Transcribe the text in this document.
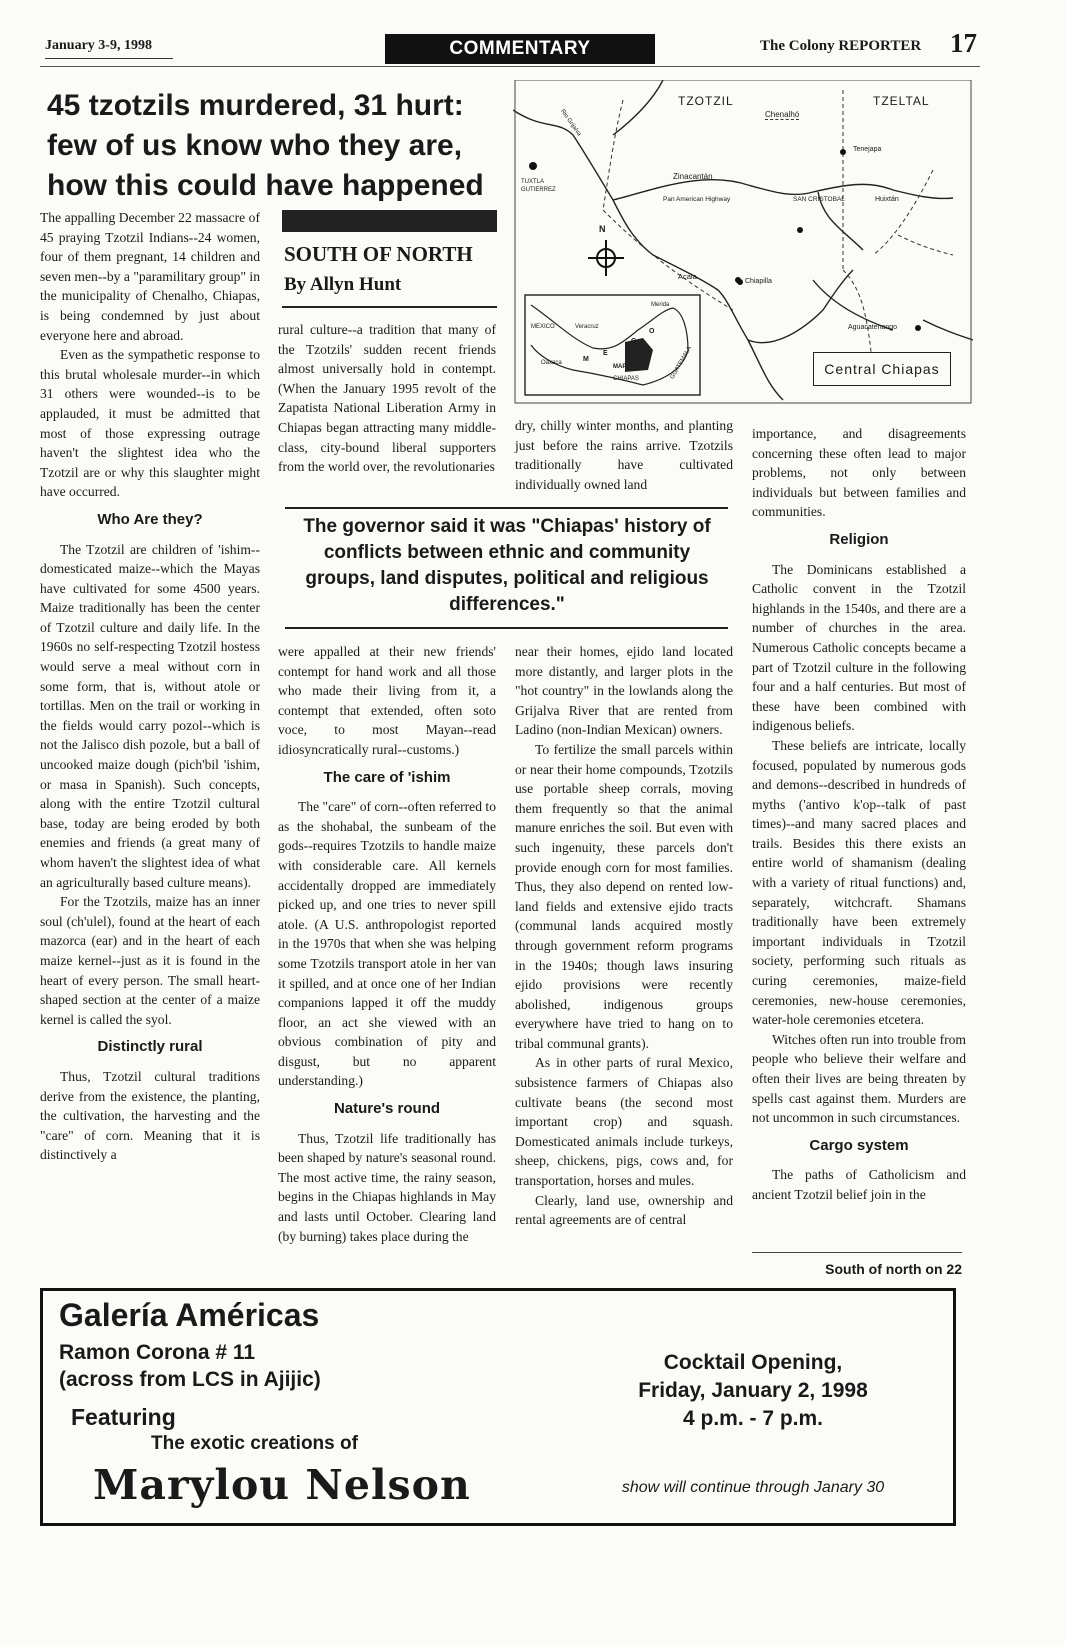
January 3-9, 1998	COMMENTARY	The Colony REPORTER 17
45 tzotzils murdered, 31 hurt:
few of us know who they are,
how this could have happened
SOUTH OF NORTH
By Allyn Hunt
TZOTZIL	TZELTAL
Chenalhó
Tenejapa
TUXTLA GUTIERREZ
Zinacantán
Pan American Highway	SAN CRISTOBAL	Huixtán
Acala
Chiapilla
Aguacatenango
N
Rio Grijalva
Central Chiapas
MEXICO	Veracruz
Oaxaca
Merida
CHIAPAS	GUATEMALA
MAP
M
E
C
O

The appalling December 22 massacre of 45 praying Tzotzil Indians--24 women, four of them pregnant, 14 children and seven men--by a "paramilitary group" in the municipality of Chenalho, Chiapas, is being condemned by just about everyone here and abroad.

Even as the sympathetic response to this brutal wholesale murder--in which 31 others were wounded--is to be applauded, it must be admitted that most of those expressing outrage haven't the slightest idea who the Tzotzil are or why this slaughter might have occurred.

Who Are they?

The Tzotzil are children of 'ishim--domesticated maize--which the Mayas have cultivated for some 4500 years. Maize traditionally has been the center of Tzotzil culture and daily life. In the 1960s no self-respecting Tzotzil hostess would serve a meal without corn in some form, that is, without atole or tortillas. Men on the trail or working in the fields would carry pozol--which is not the Jalisco dish pozole, but a ball of uncooked maize dough (pich'bil 'ishim, or masa in Spanish). Such concepts, along with the entire Tzotzil cultural base, today are being eroded by both enemies and friends (a great many of whom haven't the slightest idea of what an agriculturally based culture means).

For the Tzotzils, maize has an inner soul (ch'ulel), found at the heart of each mazorca (ear) and in the heart of each maize kernel--just as it is found in the heart of every person. The small heart-shaped section at the center of a maize kernel is called the syol.

Distinctly rural

Thus, Tzotzil cultural traditions derive from the existence, the planting, the cultivation, the harvesting and the "care" of corn. Meaning that it is distinctively a

rural culture--a tradition that many of the Tzotzils' sudden recent friends almost universally hold in contempt. (When the January 1995 revolt of the Zapatista National Liberation Army in Chiapas began attracting many middle-class, city-bound liberal supporters from the world over, the revolutionaries

dry, chilly winter months, and planting just before the rains arrive. Tzotzils traditionally have cultivated individually owned land

The governor said it was "Chiapas' history of conflicts between ethnic and community groups, land disputes, political and religious differences."

were appalled at their new friends' contempt for hand work and all those who made their living from it, a contempt that extended, often soto voce, to most Mayan--read idiosyncratically rural--customs.)

The care of 'ishim

The "care" of corn--often referred to as the shohabal, the sunbeam of the gods--requires Tzotzils to handle maize with considerable care. All kernels accidentally dropped are immediately picked up, and one tries to never spill atole. (A U.S. anthropologist reported in the 1970s that when she was helping some Tzotzils transport atole in her van it spilled, and at once one of her Indian companions lapped it off the muddy floor, an act she viewed with an obvious combination of pity and disgust, but no apparent understanding.)

Nature's round

Thus, Tzotzil life traditionally has been shaped by nature's seasonal round. The most active time, the rainy season, begins in the Chiapas highlands in May and lasts until October. Clearing land (by burning) takes place during the

near their homes, ejido land located more distantly, and larger plots in the "hot country" in the lowlands along the Grijalva River that are rented from Ladino (non-Indian Mexican) owners.

To fertilize the small parcels within or near their home compounds, Tzotzils use portable sheep corrals, moving them frequently so that the animal manure enriches the soil. But even with such ingenuity, these parcels don't provide enough corn for most families. Thus, they also depend on rented low-land fields and extensive ejido tracts (communal lands acquired mostly through government reform programs in the 1940s; though laws insuring ejido provisions were recently abolished, indigenous groups everywhere have tried to hang on to tribal communal grants).

As in other parts of rural Mexico, subsistence farmers of Chiapas also cultivate beans (the second most important crop) and squash. Domesticated animals include turkeys, sheep, chickens, pigs, cows and, for transportation, horses and mules.

Clearly, land use, ownership and rental agreements are of central

importance, and disagreements concerning these often lead to major problems, not only between individuals but between families and communities.

Religion

The Dominicans established a Catholic convent in the Tzotzil highlands in the 1540s, and there are a number of churches in the area. Numerous Catholic concepts became a part of Tzotzil culture in the following four and a half centuries. But most of these have been combined with indigenous beliefs.

These beliefs are intricate, locally focused, populated by numerous gods and demons--described in hundreds of myths ('antivo k'op--talk of past times)--and many sacred places and trails. Besides this there exists an entire world of shamanism (dealing with a variety of ritual functions) and, separately, witchcraft. Shamans traditionally have been extremely important individuals in Tzotzil society, performing such rituals as curing ceremonies, maize-field ceremonies, new-house ceremonies, water-hole ceremonies etcetera.

Witches often run into trouble from people who believe their welfare and often their lives are being threaten by spells cast against them. Murders are not uncommon in such circumstances.

Cargo system

The paths of Catholicism and ancient Tzotzil belief join in the

South of north on 22
Galería Américas
Ramon Corona # 11
(across from LCS in Ajijic)
Featuring
The exotic creations of
Marylou Nelson
Cocktail Opening,
Friday, January 2, 1998
4 p.m. - 7 p.m.
show will continue through Janary 30
